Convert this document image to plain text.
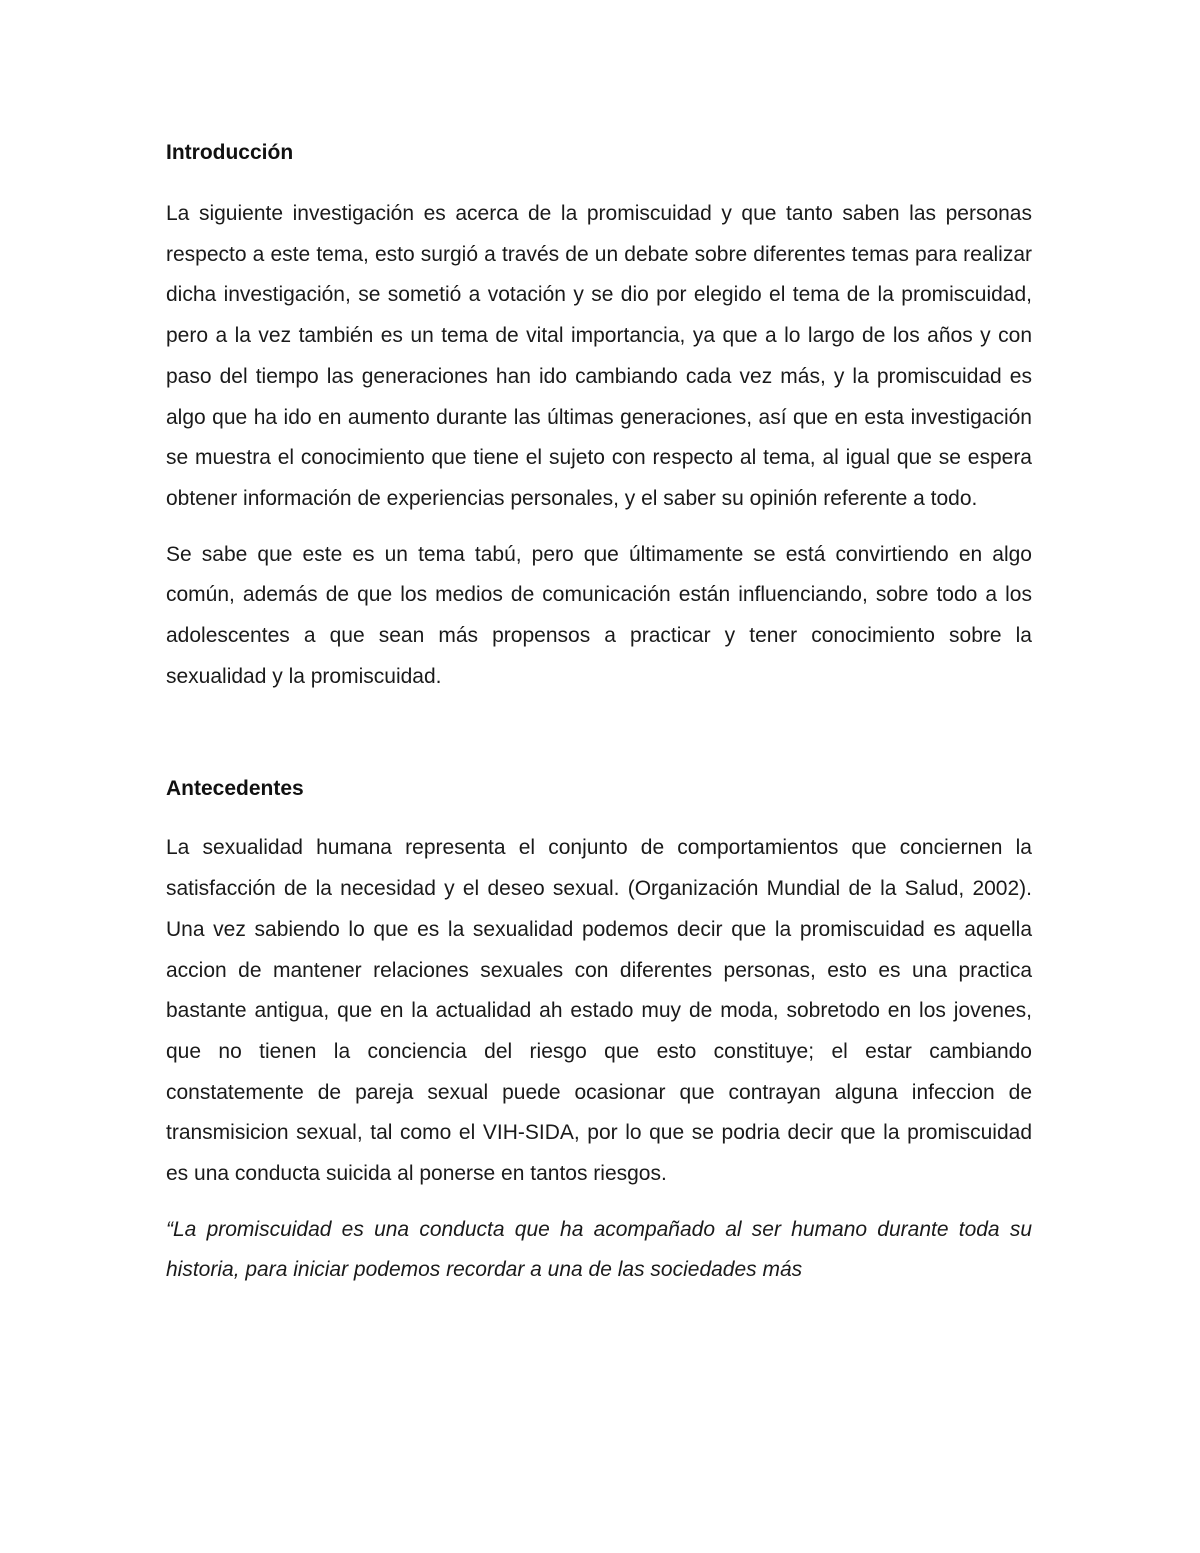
Introducción

La siguiente investigación es acerca de la promiscuidad y que tanto saben las personas respecto a este tema, esto surgió a través de un debate sobre diferentes temas para realizar dicha investigación, se sometió a votación y se dio por elegido el tema de la promiscuidad, pero a la vez también es un tema de vital importancia, ya que a lo largo de los años y con paso del tiempo las generaciones han ido cambiando cada vez más, y la promiscuidad es algo que ha ido en aumento durante las últimas generaciones, así que en esta investigación se muestra el conocimiento que tiene el sujeto con respecto al tema, al igual que se espera obtener información de experiencias personales, y el saber su opinión referente a todo.

Se sabe que este es un tema tabú, pero que últimamente se está convirtiendo en algo común, además de que los medios de comunicación están influenciando, sobre todo a los adolescentes a que sean más propensos a practicar y tener conocimiento sobre la sexualidad y la promiscuidad.

Antecedentes

La sexualidad humana representa el conjunto de comportamientos que conciernen la satisfacción de la necesidad y el deseo sexual. (Organización Mundial de la Salud, 2002). Una vez sabiendo lo que es la sexualidad podemos decir que la promiscuidad es aquella accion de mantener relaciones sexuales con diferentes personas, esto es una practica bastante antigua, que en la actualidad ah estado muy de moda, sobretodo en los jovenes, que no tienen la conciencia del riesgo que esto constituye; el estar cambiando constatemente de pareja sexual puede ocasionar que contrayan alguna infeccion de transmisicion sexual, tal como el VIH-SIDA, por lo que se podria decir que la promiscuidad es una conducta suicida al ponerse en tantos riesgos.

“La promiscuidad es una conducta que ha acompañado al ser humano durante toda su historia, para iniciar podemos recordar a una de las sociedades más
